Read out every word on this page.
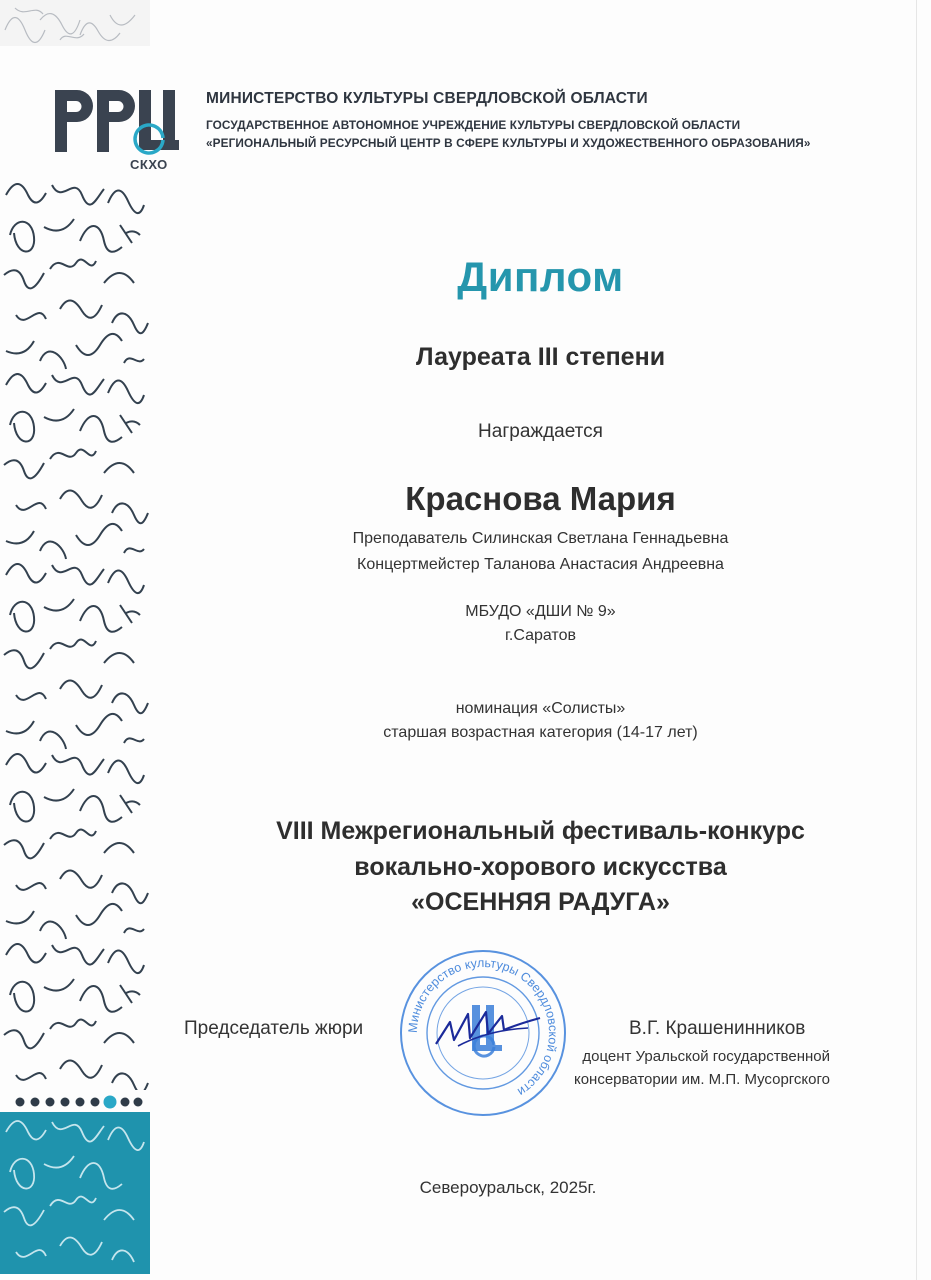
СКХО
МИНИСТЕРСТВО КУЛЬТУРЫ СВЕРДЛОВСКОЙ ОБЛАСТИ
ГОСУДАРСТВЕННОЕ АВТОНОМНОЕ УЧРЕЖДЕНИЕ КУЛЬТУРЫ СВЕРДЛОВСКОЙ ОБЛАСТИ
«РЕГИОНАЛЬНЫЙ РЕСУРСНЫЙ ЦЕНТР В СФЕРЕ КУЛЬТУРЫ И ХУДОЖЕСТВЕННОГО ОБРАЗОВАНИЯ»
Диплом
Лауреата III степени
Награждается
Краснова Мария
Преподаватель Силинская Светлана Геннадьевна
Концертмейстер Таланова Анастасия Андреевна
МБУДО «ДШИ № 9»
г.Саратов
номинация «Солисты»
старшая возрастная категория (14-17 лет)
VIII Межрегиональный фестиваль-конкурс
вокально-хорового искусства
«ОСЕННЯЯ РАДУГА»
Министерство культуры Свердловской области
Председатель жюри	В.Г. Крашенинников
доцент Уральской государственной
консерватории им. М.П. Мусоргского
Североуральск, 2025г.
